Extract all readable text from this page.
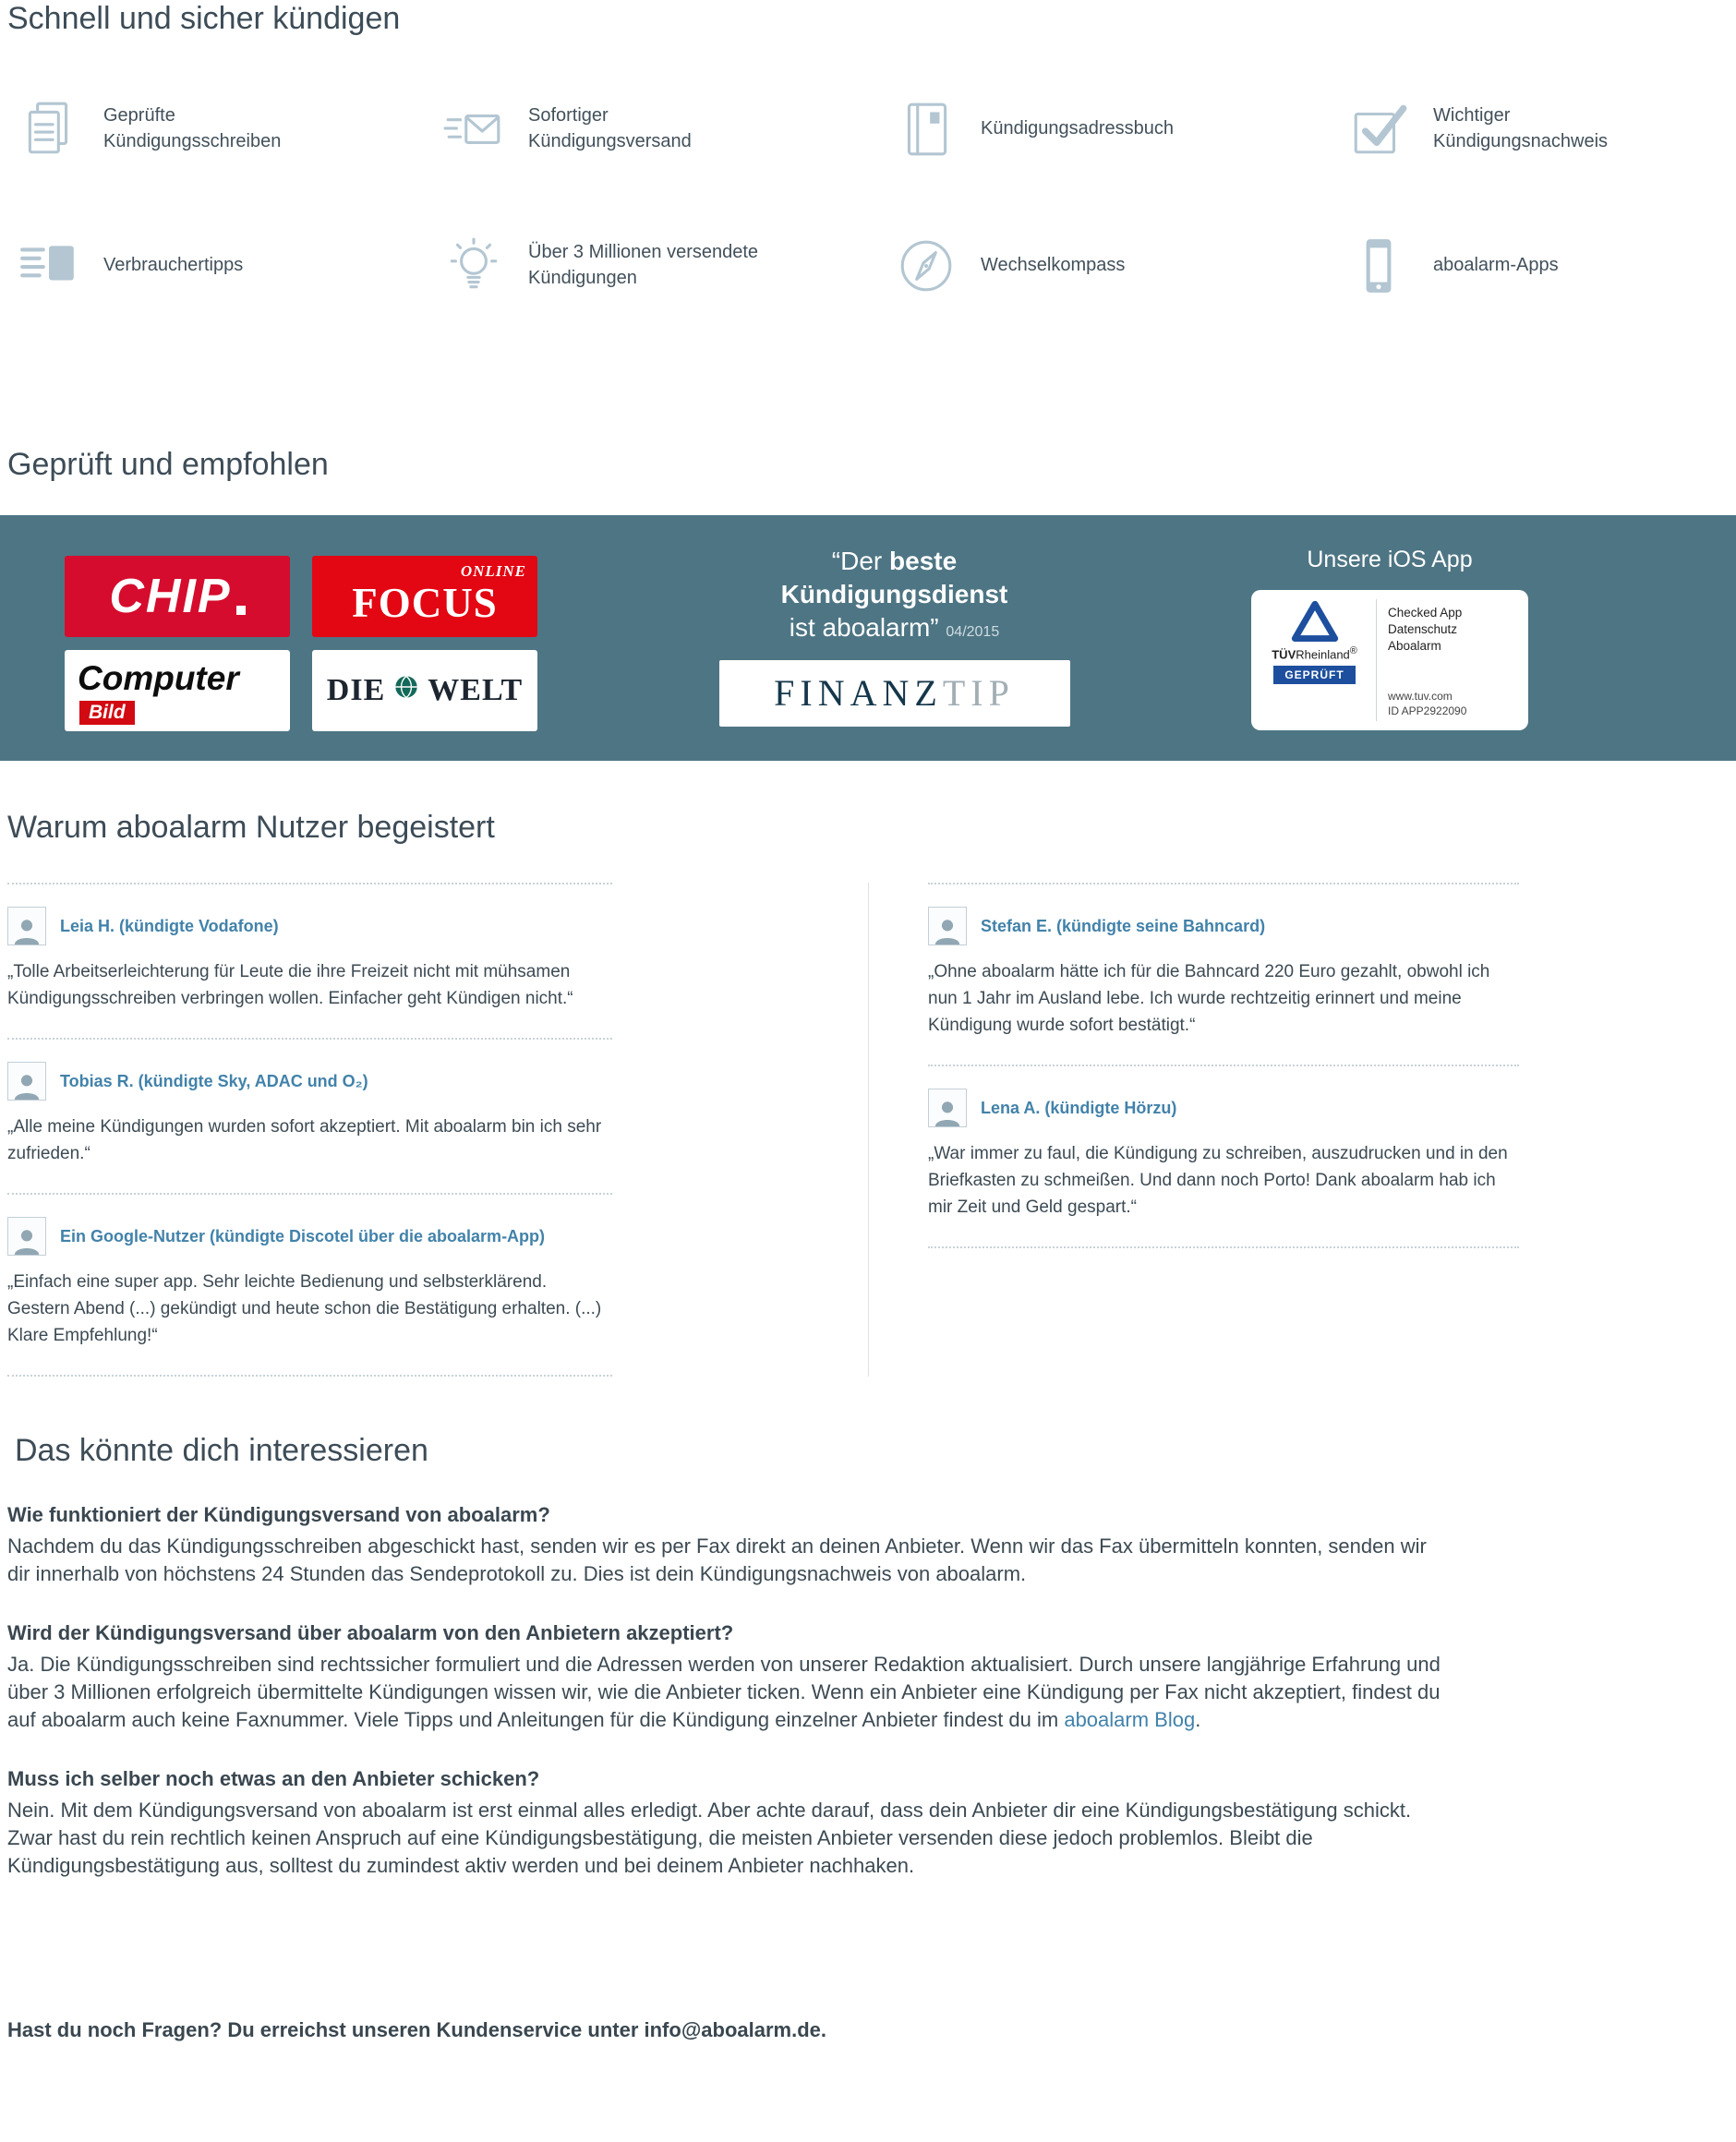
Schnell und sicher kündigen
Geprüfte Kündigungsschreiben
Sofortiger Kündigungsversand
Kündigungsadressbuch
Wichtiger Kündigungsnachweis
Verbrauchertipps
Über 3 Millionen versendete Kündigungen
Wechselkompass	aboalarm-Apps
Geprüft und empfohlen
CHIP	ONLINE
FOCUS
Computer
Bild
DIE WELT
“Der beste
Kündigungsdienst
ist aboalarm” 04/2015
FINANZ TIP
Unsere iOS App
TÜVRheinland®
GEPRÜFT
Checked App
Datenschutz
Aboalarm
www.tuv.com
ID APP2922090
Warum aboalarm Nutzer begeistert
Leia H. (kündigte Vodafone)

„Tolle Arbeitserleichterung für Leute die ihre Freizeit nicht mit mühsamen Kündigungsschreiben verbringen wollen. Einfacher geht Kündigen nicht.“

Tobias R. (kündigte Sky, ADAC und O₂)

„Alle meine Kündigungen wurden sofort akzeptiert. Mit aboalarm bin ich sehr zufrieden.“

Ein Google-Nutzer (kündigte Discotel über die aboalarm-App)

„Einfach eine super app. Sehr leichte Bedienung und selbsterklärend. Gestern Abend (...) gekündigt und heute schon die Bestätigung erhalten. (...) Klare Empfehlung!“

Stefan E. (kündigte seine Bahncard)

„Ohne aboalarm hätte ich für die Bahncard 220 Euro gezahlt, obwohl ich nun 1 Jahr im Ausland lebe. Ich wurde rechtzeitig erinnert und meine Kündigung wurde sofort bestätigt.“

Lena A. (kündigte Hörzu)

„War immer zu faul, die Kündigung zu schreiben, auszudrucken und in den Briefkasten zu schmeißen. Und dann noch Porto! Dank aboalarm hab ich mir Zeit und Geld gespart.“

Das könnte dich interessieren

Wie funktioniert der Kündigungsversand von aboalarm?

Nachdem du das Kündigungsschreiben abgeschickt hast, senden wir es per Fax direkt an deinen Anbieter. Wenn wir das Fax übermitteln konnten, senden wir dir innerhalb von höchstens 24 Stunden das Sendeprotokoll zu. Dies ist dein Kündigungsnachweis von aboalarm.

Wird der Kündigungsversand über aboalarm von den Anbietern akzeptiert?

Ja. Die Kündigungsschreiben sind rechtssicher formuliert und die Adressen werden von unserer Redaktion aktualisiert. Durch unsere langjährige Erfahrung und über 3 Millionen erfolgreich übermittelte Kündigungen wissen wir, wie die Anbieter ticken. Wenn ein Anbieter eine Kündigung per Fax nicht akzeptiert, findest du auf aboalarm auch keine Faxnummer. Viele Tipps und Anleitungen für die Kündigung einzelner Anbieter findest du im aboalarm Blog.

Muss ich selber noch etwas an den Anbieter schicken?

Nein. Mit dem Kündigungsversand von aboalarm ist erst einmal alles erledigt. Aber achte darauf, dass dein Anbieter dir eine Kündigungsbestätigung schickt. Zwar hast du rein rechtlich keinen Anspruch auf eine Kündigungsbestätigung, die meisten Anbieter versenden diese jedoch problemlos. Bleibt die Kündigungsbestätigung aus, solltest du zumindest aktiv werden und bei deinem Anbieter nachhaken.

Hast du noch Fragen? Du erreichst unseren Kundenservice unter info@aboalarm.de.
